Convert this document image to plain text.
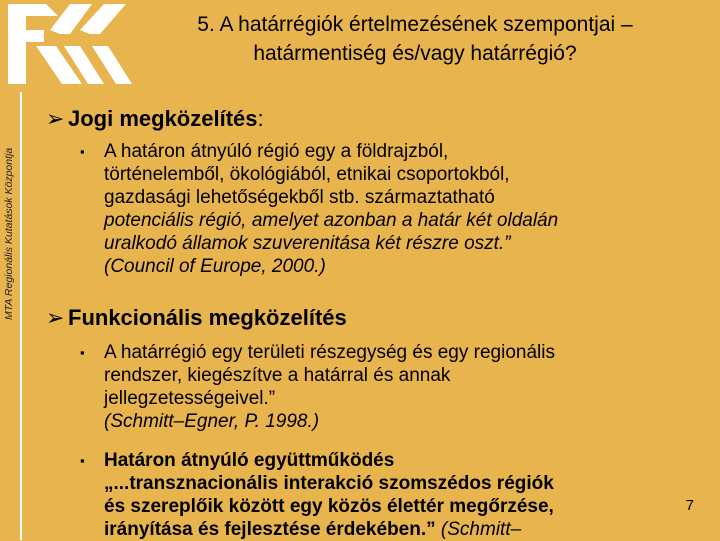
MTA Regionális Kutatások Központja
5. A határrégiók értelmezésének szempontjai –
határmentiség és/vagy határrégió?
➢ Jogi megközelítés:
▪	A határon átnyúló régió egy a földrajzból,
történelemből, ökológiából, etnikai csoportokból,
gazdasági lehetőségekből stb. származtatható
potenciális régió, amelyet azonban a határ két oldalán
uralkodó államok szuverenitása két részre oszt.”
(Council of Europe, 2000.)
➢ Funkcionális megközelítés
▪	A határrégió egy területi részegység és egy regionális
rendszer, kiegészítve a határral és annak
jellegzetességeivel.”
(Schmitt–Egner, P. 1998.)
▪	Határon átnyúló együttműködés
„...transznacionális interakció szomszédos régiók
és szereplőik között egy közös élettér megőrzése,
irányítása és fejlesztése érdekében.” (Schmitt–
7
